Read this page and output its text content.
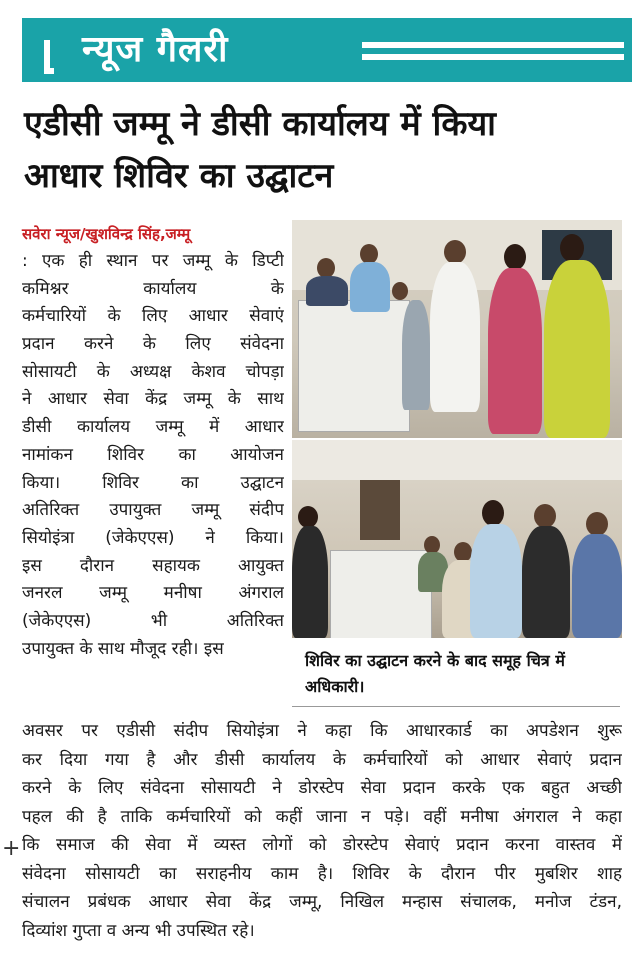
न्यूज गैलरी
एडीसी जम्मू ने डीसी कार्यालय में किया
आधार शिविर का उद्घाटन
सवेरा न्यूज/खुशविन्द्र सिंह,जम्मू
: एक ही स्थान पर जम्मू के डिप्टी
कमिश्नर कार्यालय के
कर्मचारियों के लिए आधार सेवाएं
प्रदान करने के लिए संवेदना
सोसायटी के अध्यक्ष केशव चोपड़ा
ने आधार सेवा केंद्र जम्मू के साथ
डीसी कार्यालय जम्मू में आधार
नामांकन शिविर का आयोजन
किया। शिविर का उद्घाटन
अतिरिक्त उपायुक्त जम्मू संदीप
सियोइंत्रा (जेकेएएस) ने किया।
इस दौरान सहायक आयुक्त
जनरल जम्मू मनीषा अंगराल
(जेकेएएस) भी अतिरिक्त
उपायुक्त के साथ मौजूद रही। इस
शिविर का उद्घाटन करने के बाद समूह चित्र में अधिकारी।
अवसर पर एडीसी संदीप सियोइंत्रा ने कहा कि आधारकार्ड का अपडेशन शुरू
कर दिया गया है और डीसी कार्यालय के कर्मचारियों को आधार सेवाएं प्रदान
करने के लिए संवेदना सोसायटी ने डोरस्टेप सेवा प्रदान करके एक बहुत अच्छी
पहल की है ताकि कर्मचारियों को कहीं जाना न पड़े। वहीं मनीषा अंगराल ने कहा
कि समाज की सेवा में व्यस्त लोगों को डोरस्टेप सेवाएं प्रदान करना वास्तव में
संवेदना सोसायटी का सराहनीय काम है। शिविर के दौरान पीर मुबशिर शाह
संचालन प्रबंधक आधार सेवा केंद्र जम्मू, निखिल मन्हास संचालक, मनोज टंडन,
दिव्यांश गुप्ता व अन्य भी उपस्थित रहे।
+
